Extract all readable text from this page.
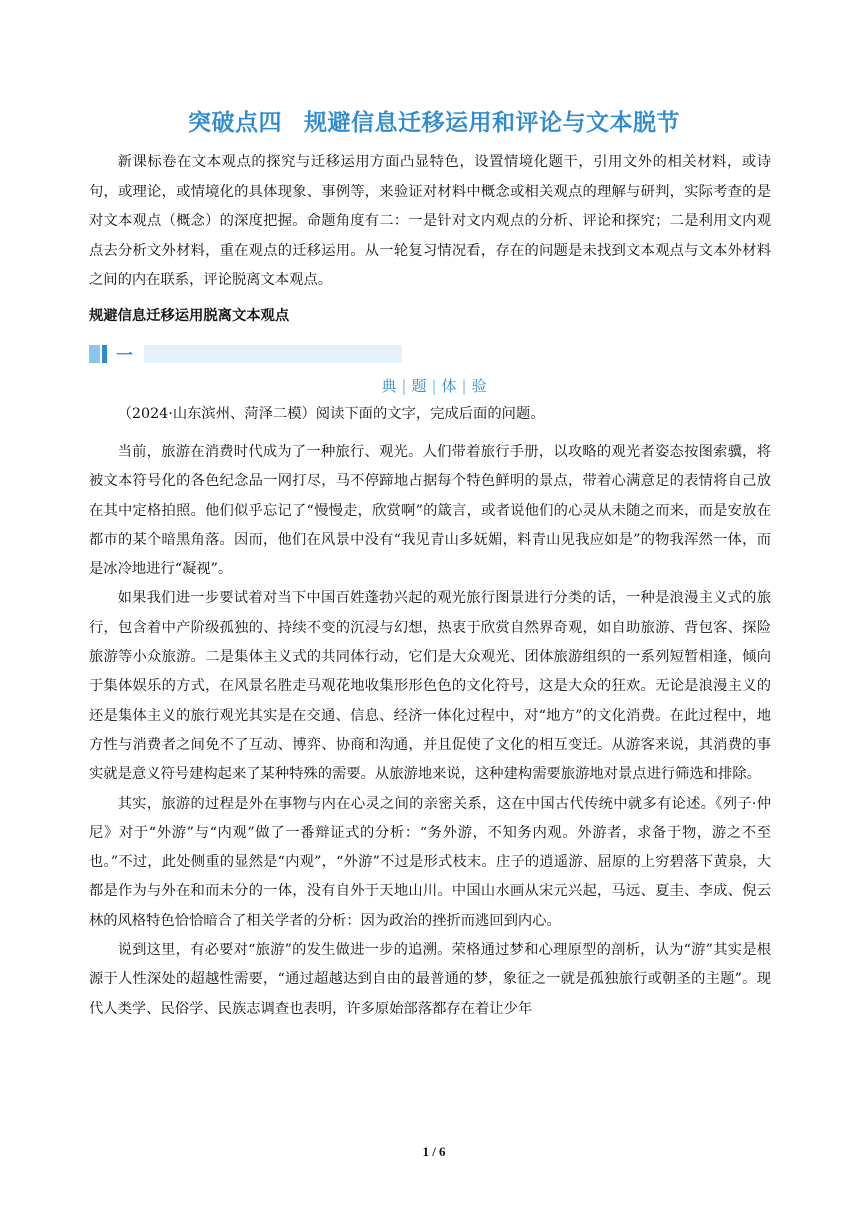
突破点四 规避信息迁移运用和评论与文本脱节

新课标卷在文本观点的探究与迁移运用方面凸显特色，设置情境化题干，引用文外的相关材料，或诗句，或理论，或情境化的具体现象、事例等，来验证对材料中概念或相关观点的理解与研判，实际考查的是对文本观点（概念）的深度把握。命题角度有二：一是针对文内观点的分析、评论和探究；二是利用文内观点去分析文外材料，重在观点的迁移运用。从一轮复习情况看，存在的问题是未找到文本观点与文本外材料之间的内在联系，评论脱离文本观点。

规避信息迁移运用脱离文本观点
一
典 | 题 | 体 | 验
（2024·山东滨州、菏泽二模）阅读下面的文字，完成后面的问题。

当前，旅游在消费时代成为了一种旅行、观光。人们带着旅行手册，以攻略的观光者姿态按图索骥，将被文本符号化的各色纪念品一网打尽，马不停蹄地占据每个特色鲜明的景点，带着心满意足的表情将自己放在其中定格拍照。他们似乎忘记了“慢慢走，欣赏啊”的箴言，或者说他们的心灵从未随之而来，而是安放在都市的某个暗黑角落。因而，他们在风景中没有“我见青山多妩媚，料青山见我应如是”的物我浑然一体，而是冰冷地进行“凝视”。

如果我们进一步要试着对当下中国百姓蓬勃兴起的观光旅行图景进行分类的话，一种是浪漫主义式的旅行，包含着中产阶级孤独的、持续不变的沉浸与幻想，热衷于欣赏自然界奇观，如自助旅游、背包客、探险旅游等小众旅游。二是集体主义式的共同体行动，它们是大众观光、团体旅游组织的一系列短暂相逢，倾向于集体娱乐的方式，在风景名胜走马观花地收集形形色色的文化符号，这是大众的狂欢。无论是浪漫主义的还是集体主义的旅行观光其实是在交通、信息、经济一体化过程中，对“地方”的文化消费。在此过程中，地方性与消费者之间免不了互动、博弈、协商和沟通，并且促使了文化的相互变迁。从游客来说，其消费的事实就是意义符号建构起来了某种特殊的需要。从旅游地来说，这种建构需要旅游地对景点进行筛选和排除。

其实，旅游的过程是外在事物与内在心灵之间的亲密关系，这在中国古代传统中就多有论述。《列子·仲尼》对于“外游”与“内观”做了一番辩证式的分析：“务外游，不知务内观。外游者，求备于物，游之不至也。”不过，此处侧重的显然是“内观”，“外游”不过是形式枝末。庄子的逍遥游、屈原的上穷碧落下黄泉，大都是作为与外在和而未分的一体，没有自外于天地山川。中国山水画从宋元兴起，马远、夏圭、李成、倪云林的风格特色恰恰暗合了相关学者的分析：因为政治的挫折而逃回到内心。

说到这里，有必要对“旅游”的发生做进一步的追溯。荣格通过梦和心理原型的剖析，认为“游”其实是根源于人性深处的超越性需要，“通过超越达到自由的最普通的梦，象征之一就是孤独旅行或朝圣的主题”。现代人类学、民俗学、民族志调查也表明，许多原始部落都存在着让少年

1 / 6
